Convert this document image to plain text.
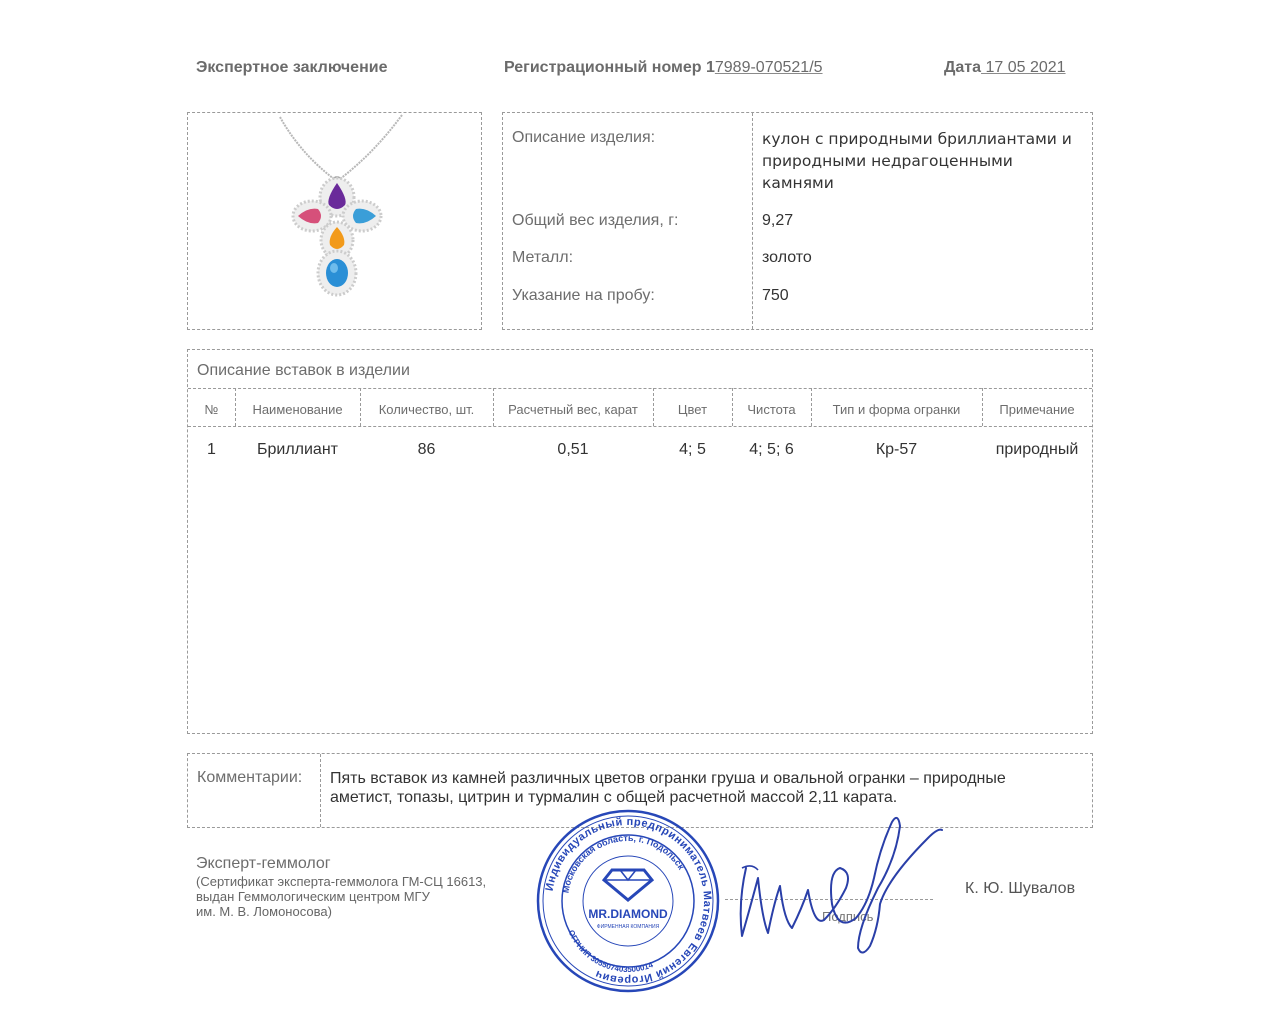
Экспертное заключение	Регистрационный номер 17989-070521/5	Дата 17 05 2021
Описание изделия:	кулон с природными бриллиантами и природными недрагоценными камнями
Общий вес изделия, г:	9,27
Металл:	золото
Указание на пробу:	750
Описание вставок в изделии
№	Наименование	Количество, шт.	Расчетный вес, карат	Цвет	Чистота	Тип и форма огранки	Примечание
1	Бриллиант	86	0,51	4; 5	4; 5; 6	Кр-57	природный
Комментарии: Пять вставок из камней различных цветов огранки груша и овальной огранки – природные
аметист, топазы, цитрин и турмалин с общей расчетной массой 2,11 карата.
Эксперт-геммолог
(Сертификат эксперта-геммолога ГМ-СЦ 16613,
выдан Геммологическим центром МГУ
им. М. В. Ломоносова)	Подпись
К. Ю. Шувалов
Индивидуальный предприниматель Матвеев Евгений Игоревич
Московская область, г. Подольск
ОГРНИП 305507403500014
MR.DIAMOND
ФИРМЕННАЯ КОМПАНИЯ
